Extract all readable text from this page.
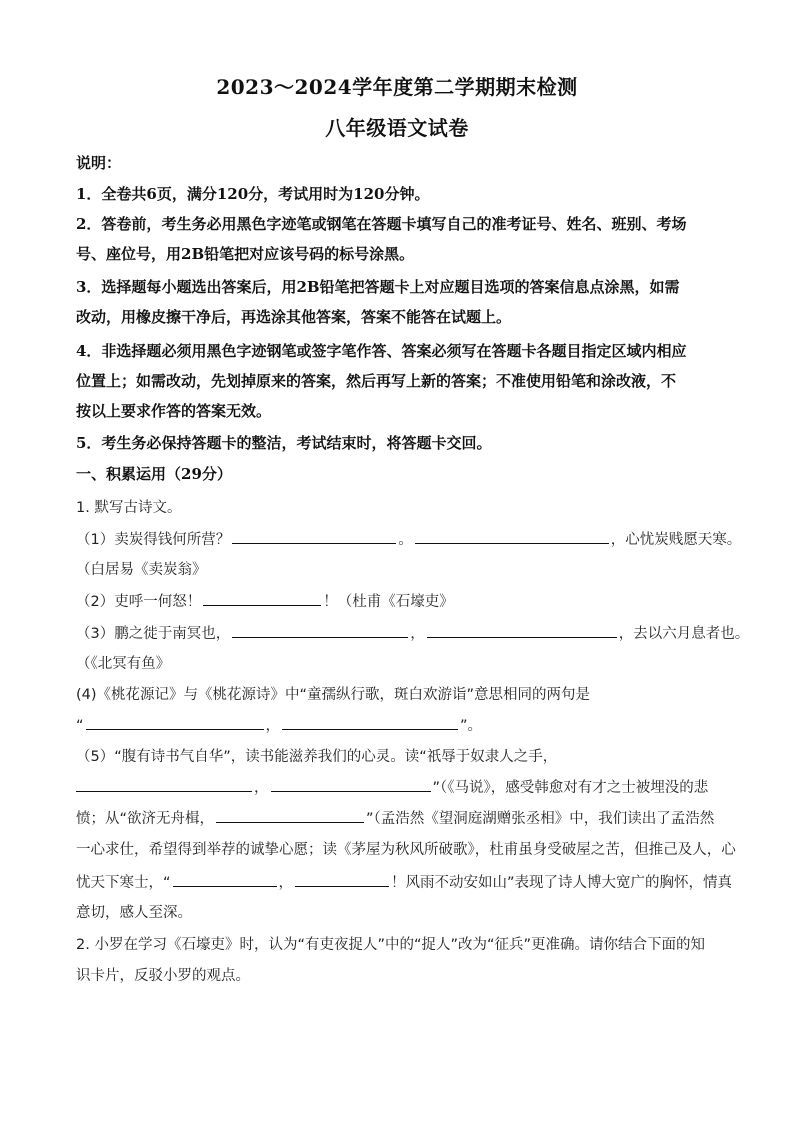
2023～2024学年度第二学期期末检测
八年级语文试卷
说明：
1．全卷共6页，满分120分，考试用时为120分钟。
2．答卷前，考生务必用黑色字迹笔或钢笔在答题卡填写自己的准考证号、姓名、班别、考场
号、座位号，用2B铅笔把对应该号码的标号涂黑。
3．选择题每小题选出答案后，用2B铅笔把答题卡上对应题目选项的答案信息点涂黑，如需
改动，用橡皮擦干净后，再选涂其他答案，答案不能答在试题上。
4．非选择题必须用黑色字迹钢笔或签字笔作答、答案必须写在答题卡各题目指定区域内相应
位置上；如需改动，先划掉原来的答案，然后再写上新的答案；不准使用铅笔和涂改液，不
按以上要求作答的答案无效。
5．考生务必保持答题卡的整洁，考试结束时，将答题卡交回。
一、积累运用（29分）
1. 默写古诗文。
（1）卖炭得钱何所营？	。	，心忧炭贱愿天寒。
（白居易《卖炭翁》
（2）吏呼一何怒！	！（杜甫《石壕吏》
（3）鹏之徙于南冥也，	，	，去以六月息者也。
（《北冥有鱼》
(4)《桃花源记》与《桃花源诗》中“童孺纵行歌，斑白欢游诣”意思相同的两句是
“	，	”。
（5）“腹有诗书气自华”，读书能滋养我们的心灵。读“祇辱于奴隶人之手，
，	”（《马说》，感受韩愈对有才之士被埋没的悲
愤；从“欲济无舟楫，	”（孟浩然《望洞庭湖赠张丞相》中，我们读出了孟浩然
一心求仕，希望得到举荐的诚挚心愿；读《茅屋为秋风所破歌》，杜甫虽身受破屋之苦，但推己及人，心
忧天下寒士，“	，	！风雨不动安如山”表现了诗人博大宽广的胸怀，情真
意切，感人至深。
2. 小罗在学习《石壕吏》时，认为“有吏夜捉人”中的“捉人”改为“征兵”更准确。请你结合下面的知
识卡片，反驳小罗的观点。
